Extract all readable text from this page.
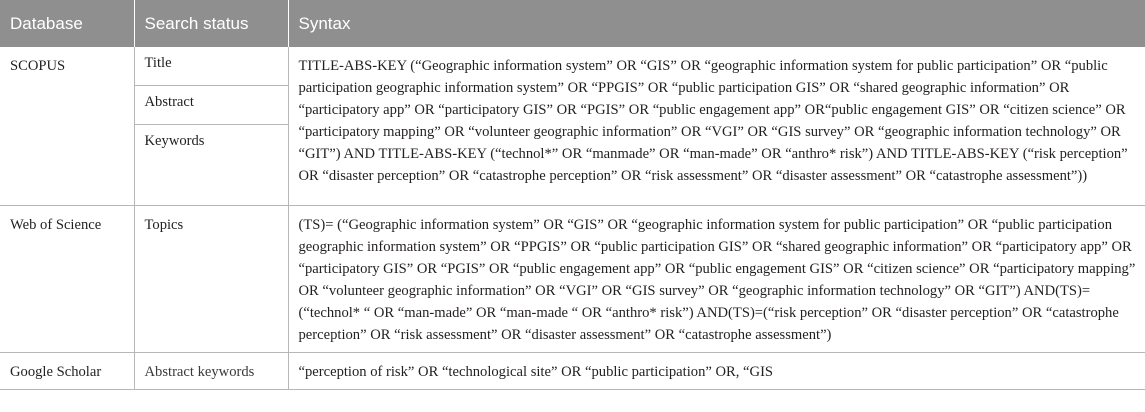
Database	Search status	Syntax
SCOPUS	Title	TITLE-ABS-KEY (“Geographic information system” OR “GIS” OR “geographic information system for public participation” OR “public participation geographic information system” OR “PPGIS” OR “public participation GIS” OR “shared geographic information” OR “participatory app” OR “participatory GIS” OR “PGIS” OR “public engagement app” OR“public engagement GIS” OR “citizen science” OR “participatory mapping” OR “volunteer geographic information” OR “VGI” OR “GIS survey” OR “geographic information technology” OR “GIT”) AND TITLE-ABS-KEY (“technol*” OR “manmade” OR “man-made” OR “anthro* risk”) AND TITLE-ABS-KEY (“risk perception” OR “disaster perception” OR “catastrophe perception” OR “risk assessment” OR “disaster assessment” OR “catastrophe assessment”))
	Abstract	
	Keywords	
Web of Science	Topics	(TS)= (“Geographic information system” OR “GIS” OR “geographic information system for public participation” OR “public participation geographic information system” OR “PPGIS” OR “public participation GIS” OR “shared geographic information” OR “participatory app” OR “participatory GIS” OR “PGIS” OR “public engagement app” OR “public engagement GIS” OR “citizen science” OR “participatory mapping” OR “volunteer geographic information” OR “VGI” OR “GIS survey” OR “geographic information technology” OR “GIT”) AND(TS)=(“technol* “ OR “man-made” OR “man-made “ OR “anthro* risk”) AND(TS)=(“risk perception” OR “disaster perception” OR “catastrophe perception” OR “risk assessment” OR “disaster assessment” OR “catastrophe assessment”)
Google Scholar	Abstract keywords	“perception of risk” OR “technological site” OR “public participation” OR, “GIS
